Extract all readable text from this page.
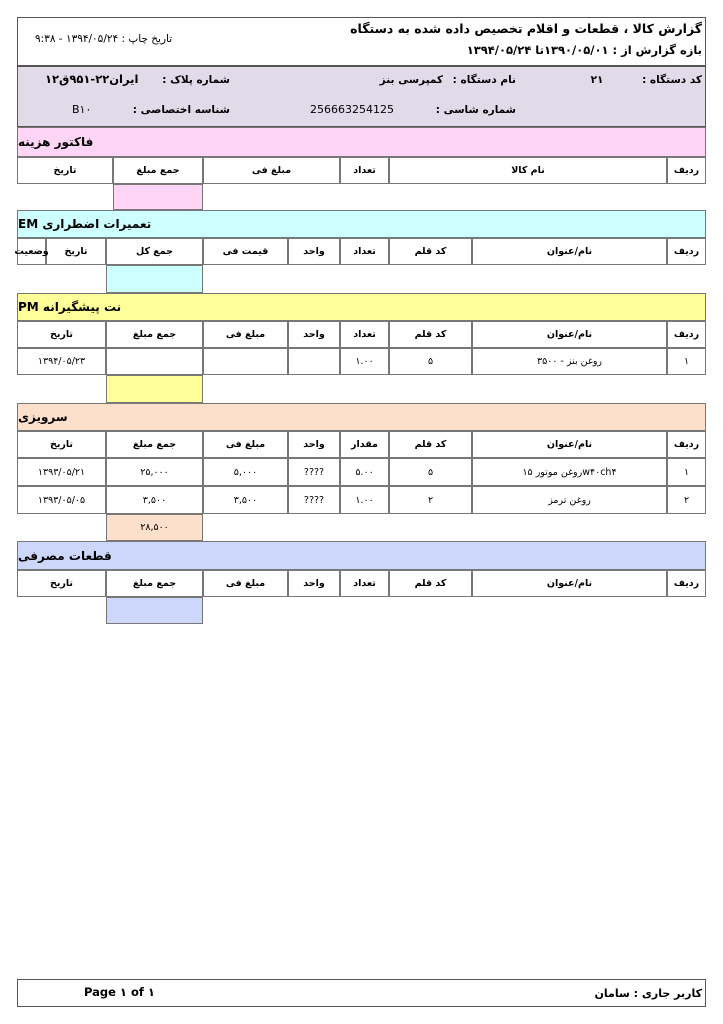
گزارش کالا ، قطعات و اقلام تخصیص داده شده به دستگاه
بازه گزارش از : ۱۳۹۰/۰۵/۰۱تا ۱۳۹۴/۰۵/۲۴
تاریخ چاپ : ۱۳۹۴/۰۵/۲۴ - ۹:۳۸
کد دستگاه :
۲۱
نام دستگاه :
کمپرسی بنز
شماره پلاک :
ایران۲۲-۹۵۱ق۱۲
شماره شاسی :
256663254125
شناسه اختصاصی :
B۱۰
فاکتور هزینه
ردیف
نام کالا
تعداد
مبلغ فی
جمع مبلغ
تاریخ
تعمیرات اضطراری EM
ردیف
نام/عنوان
کد قلم
تعداد
واحد
قیمت فی
جمع کل
تاریخ
وضعیت
نت پیشگیرانه PM
ردیف
نام/عنوان
کد قلم
تعداد
واحد
مبلغ فی
جمع مبلغ
تاریخ
۱
روغن بنز - ۳۵۰۰
۵
۱.۰۰
۱۳۹۴/۰۵/۲۳
سرویزی
ردیف
نام/عنوان
کد قلم
مقدار
واحد
مبلغ فی
جمع مبلغ
تاریخ
۱
w۴۰ch۴روغن موتور ۱۵
۵
۵.۰۰
????
۵,۰۰۰
۲۵,۰۰۰
۱۳۹۳/۰۵/۲۱
۲
روغن ترمز
۲
۱.۰۰
????
۳,۵۰۰
۳,۵۰۰
۱۳۹۳/۰۵/۰۵
۲۸,۵۰۰
قطعات مصرفی
ردیف
نام/عنوان
کد قلم
تعداد
واحد
مبلغ فی
جمع مبلغ
تاریخ
کاربر جاری : سامان
Page ۱ of ۱
